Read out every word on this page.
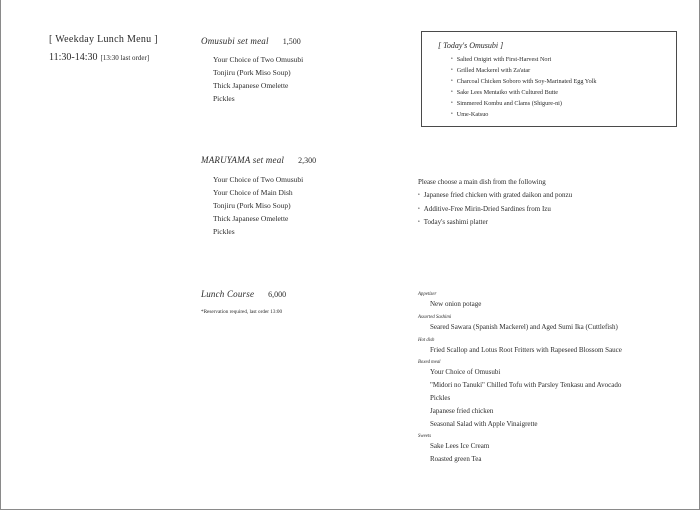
[ Weekday Lunch Menu ]
11:30-14:30 [13:30 last order]
Omusubi set meal 1,500
Your Choice of Two Omusubi
Tonjiru (Pork Miso Soup)
Thick Japanese Omelette
Pickles
[ Today's Omusubi ]
• Salted Onigiri with First-Harvest Nori
• Grilled Mackerel with Za'atar
• Charcoal Chicken Soboro with Soy-Marinated Egg Yolk
• Sake Lees Mentaiko with Cultured Butte
• Simmered Kombu and Clams (Shigure-ni)
• Ume-Katsuo
MARUYAMA set meal 2,300
Your Choice of Two Omusubi
Your Choice of Main Dish
Tonjiru (Pork Miso Soup)
Thick Japanese Omelette
Pickles
Please choose a main dish from the following
• Japanese fried chicken with grated daikon and ponzu
• Additive-Free Mirin-Dried Sardines from Izu
• Today's sashimi platter
Lunch Course 6,000
*Reservation required, last order 13:00
Appetizer
New onion potage
Assorted Sashimi
Seared Sawara (Spanish Mackerel) and Aged Sumi Ika (Cuttlefish)
Hot dish
Fried Scallop and Lotus Root Fritters with Rapeseed Blossom Sauce
Boxed meal
Your Choice of Omusubi
"Midori no Tanuki" Chilled Tofu with Parsley Tenkasu and Avocado
Pickles
Japanese fried chicken
Seasonal Salad with Apple Vinaigrette
Sweets
Sake Lees Ice Cream
Roasted green Tea
